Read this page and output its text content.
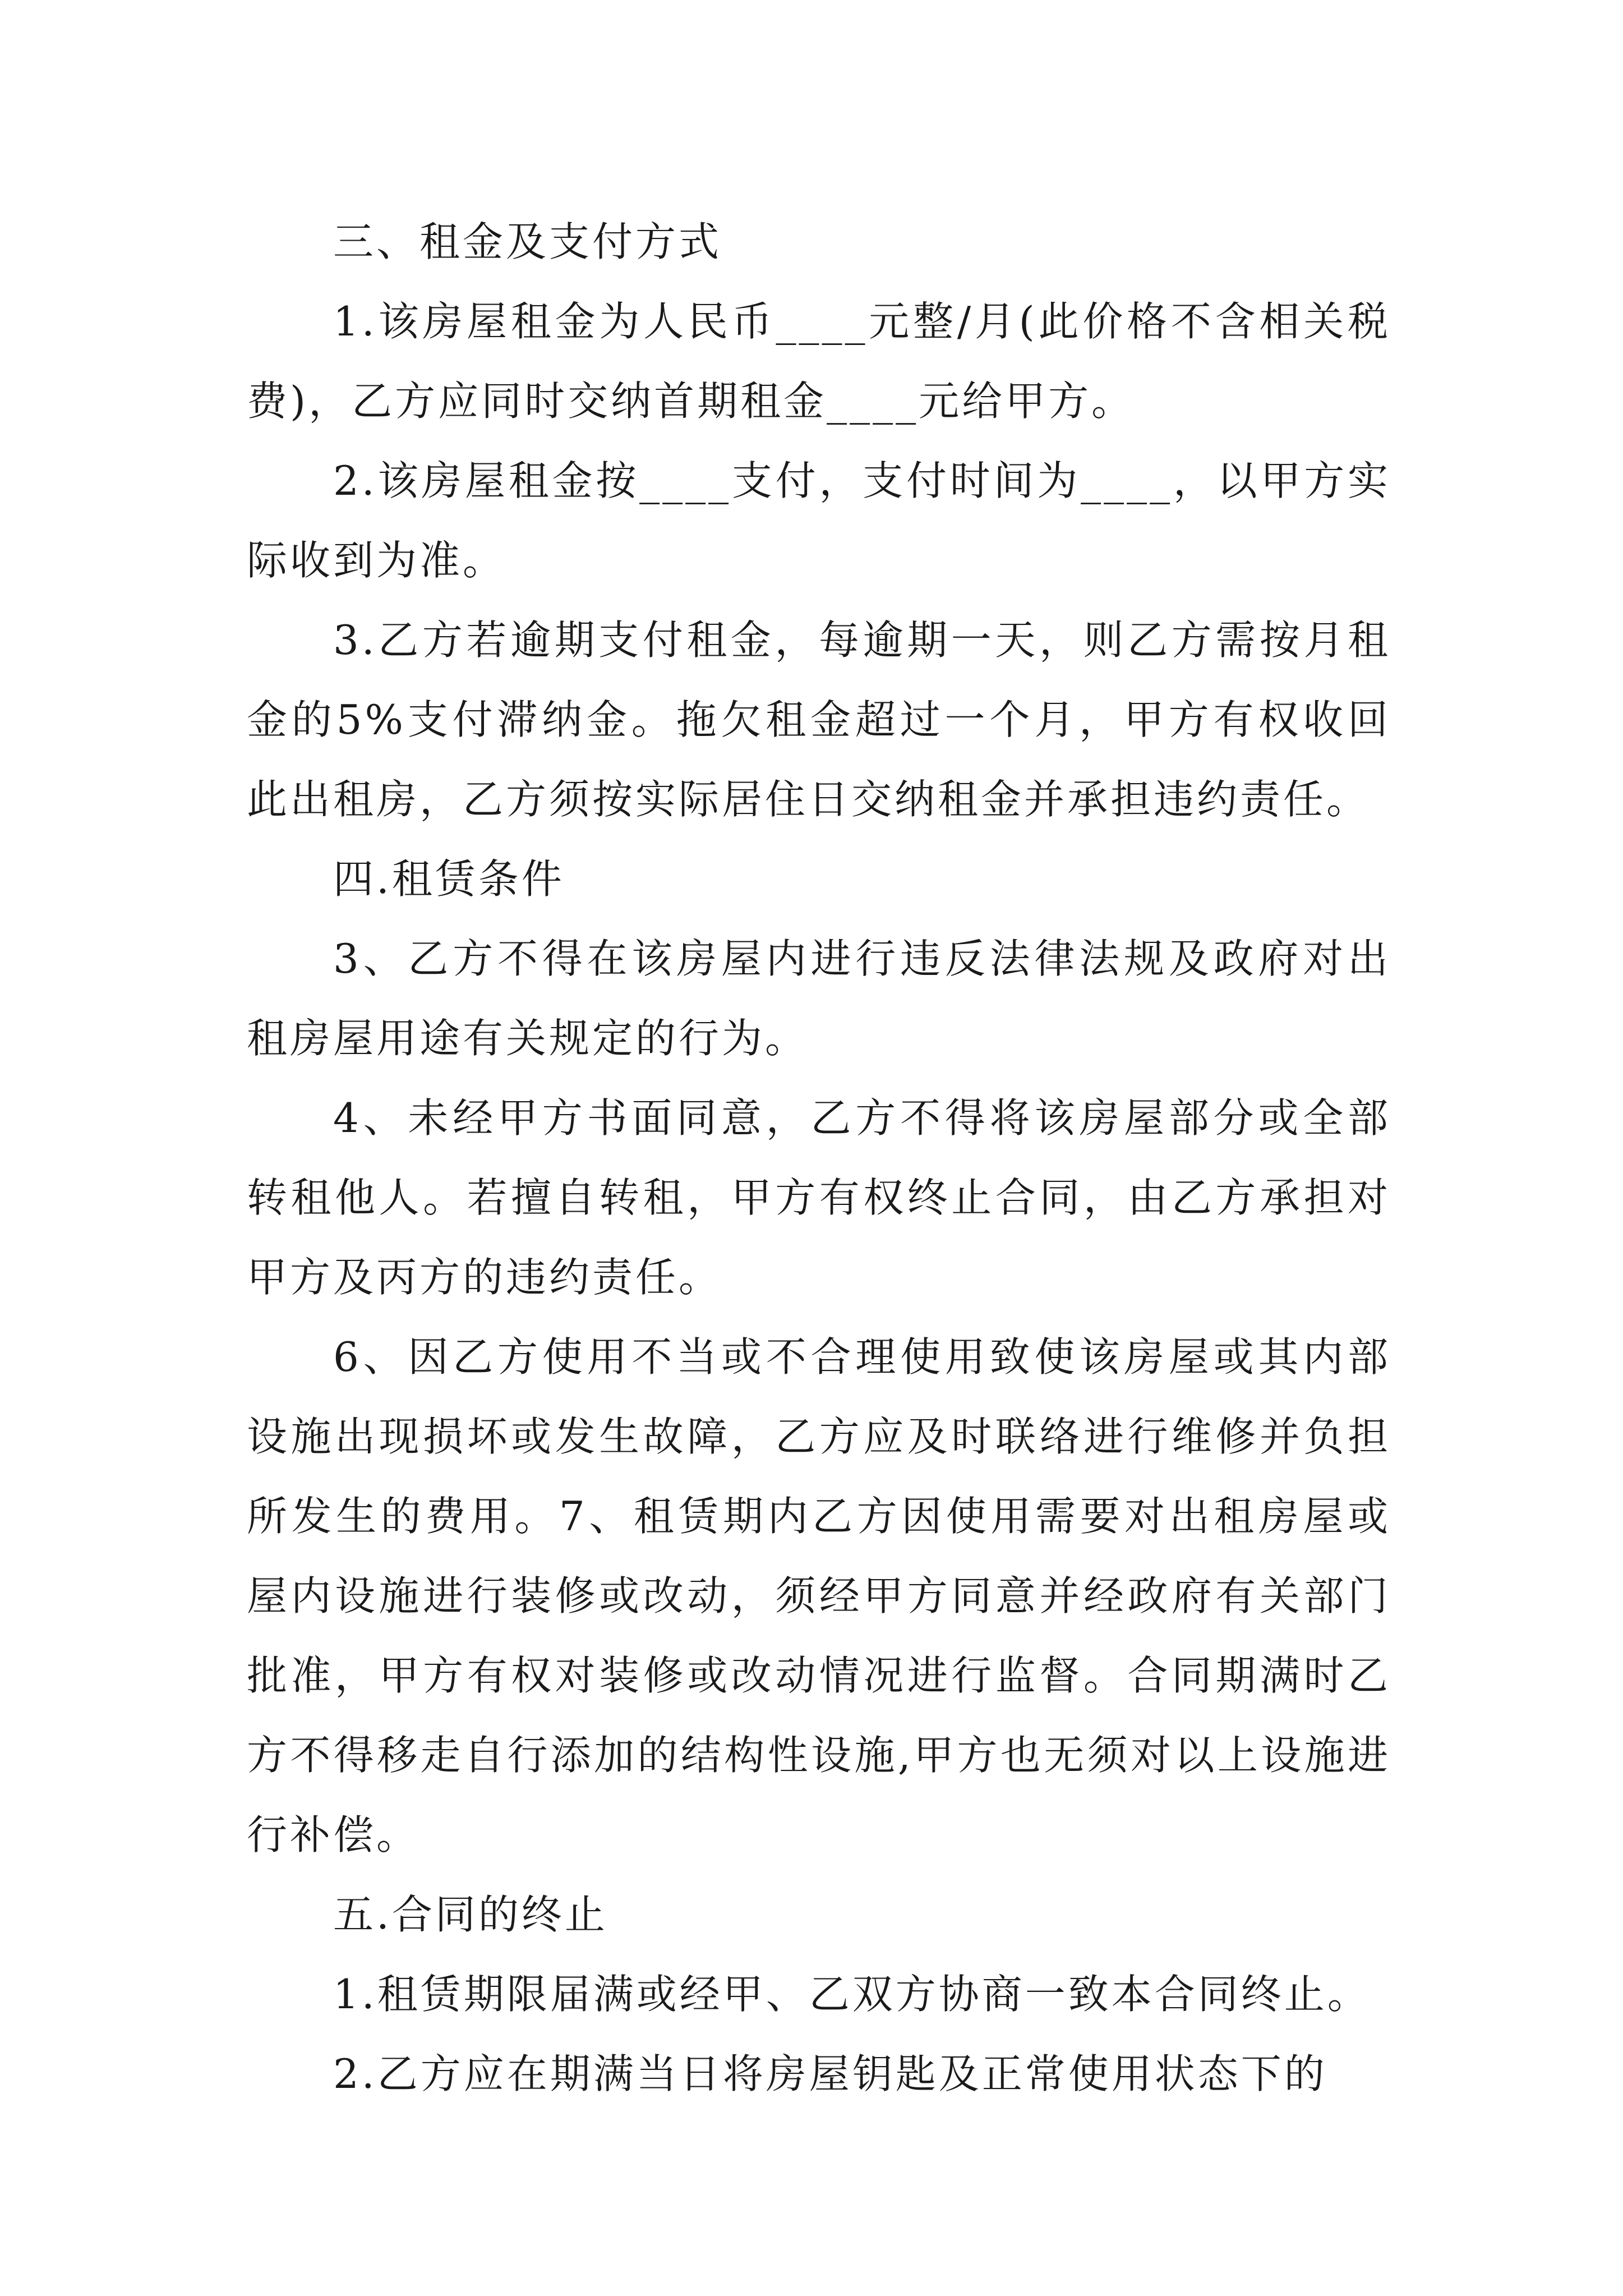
三、租金及支付方式

1.该房屋租金为人民币____元整/月(此价格不含相关税费)，乙方应同时交纳首期租金____元给甲方。

2.该房屋租金按____支付，支付时间为____，以甲方实际收到为准。

3.乙方若逾期支付租金，每逾期一天，则乙方需按月租金的5%支付滞纳金。拖欠租金超过一个月，甲方有权收回此出租房，乙方须按实际居住日交纳租金并承担违约责任。

四.租赁条件

3、乙方不得在该房屋内进行违反法律法规及政府对出租房屋用途有关规定的行为。

4、未经甲方书面同意，乙方不得将该房屋部分或全部转租他人。若擅自转租，甲方有权终止合同，由乙方承担对甲方及丙方的违约责任。

6、因乙方使用不当或不合理使用致使该房屋或其内部设施出现损坏或发生故障，乙方应及时联络进行维修并负担所发生的费用。7、租赁期内乙方因使用需要对出租房屋或屋内设施进行装修或改动，须经甲方同意并经政府有关部门批准，甲方有权对装修或改动情况进行监督。合同期满时乙方不得移走自行添加的结构性设施,甲方也无须对以上设施进行补偿。

五.合同的终止

1.租赁期限届满或经甲、乙双方协商一致本合同终止。

2.乙方应在期满当日将房屋钥匙及正常使用状态下的
